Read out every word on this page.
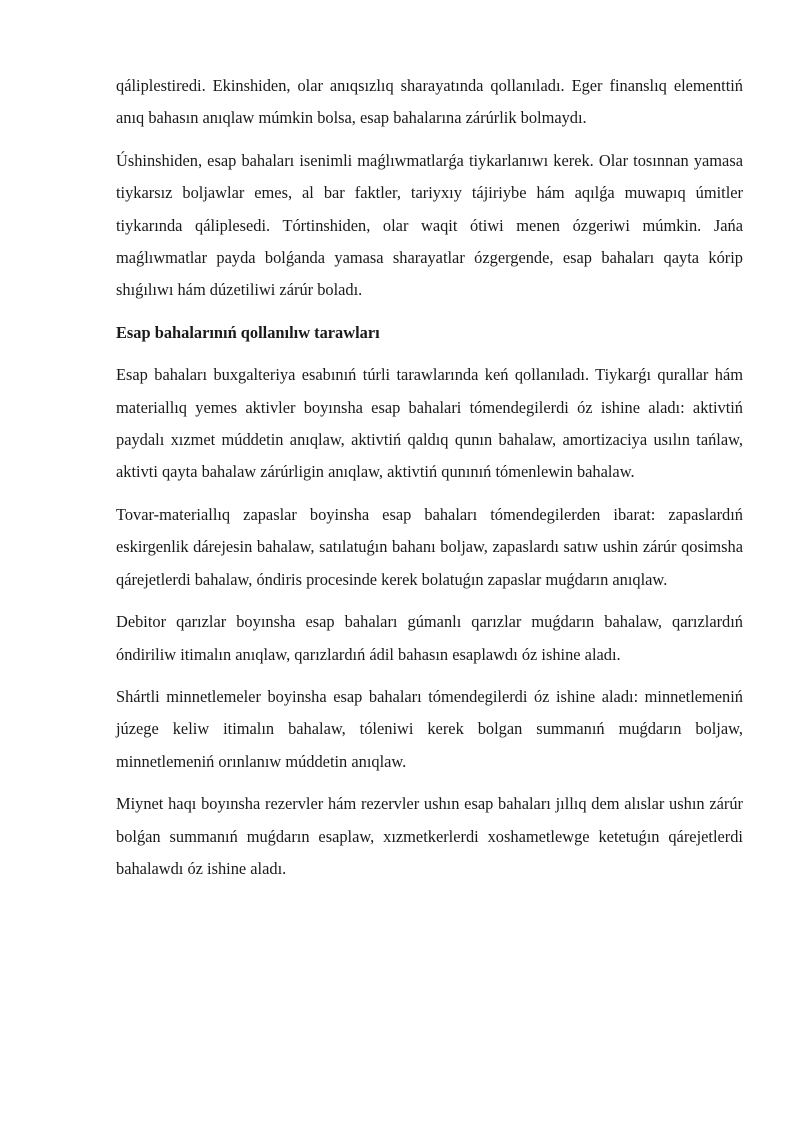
qáliplestiredi. Ekinshiden, olar anıqsızlıq sharayatında qollanıladı. Eger finanslıq elementtiń anıq bahasın anıqlaw múmkin bolsa, esap bahalarına zárúrlik bolmaydı.

Úshinshiden, esap bahaları isenimli maǵlıwmatlarǵa tiykarlanıwı kerek. Olar tosınnan yamasa tiykarsız boljawlar emes, al bar faktler, tariyxıy tájiriybe hám aqılǵa muwapıq úmitler tiykarında qáliplesedi. Tórtinshiden, olar waqit ótiwi menen ózgeriwi múmkin. Jańa maǵlıwmatlar payda bolǵanda yamasa sharayatlar ózgergende, esap bahaları qayta kórip shıǵılıwı hám dúzetiliwi zárúr boladı.

Esap bahalarınıń qollanılıw tarawları

Esap bahaları buxgalteriya esabınıń túrli tarawlarında keń qollanıladı. Tiykarǵı qurallar hám materiallıq yemes aktivler boyınsha esap bahalari tómendegilerdi óz ishine aladı: aktivtiń paydalı xızmet múddetin anıqlaw, aktivtiń qaldıq qunın bahalaw, amortizaciya usılın tańlaw, aktivti qayta bahalaw zárúrligin anıqlaw, aktivtiń qunınıń tómenlewin bahalaw.

Tovar-materiallıq zapaslar boyinsha esap bahaları tómendegilerden ibarat: zapaslardıń eskirgenlik dárejesin bahalaw, satılatuǵın bahanı boljaw, zapaslardı satıw ushin zárúr qosimsha qárejetlerdi bahalaw, óndiris procesinde kerek bolatuǵın zapaslar muǵdarın anıqlaw.

Debitor qarızlar boyınsha esap bahaları gúmanlı qarızlar muǵdarın bahalaw, qarızlardıń óndiriliw itimalın anıqlaw, qarızlardıń ádil bahasın esaplawdı óz ishine aladı.

Shártli minnetlemeler boyinsha esap bahaları tómendegilerdi óz ishine aladı: minnetlemeniń júzege keliw itimalın bahalaw, tóleniwi kerek bolgan summanıń muǵdarın boljaw, minnetlemeniń orınlanıw múddetin anıqlaw.

Miynet haqı boyınsha rezervler hám rezervler ushın esap bahaları jıllıq dem alıslar ushın zárúr bolǵan summanıń muǵdarın esaplaw, xızmetkerlerdi xoshametlewge ketetuǵın qárejetlerdi bahalawdı óz ishine aladı.
